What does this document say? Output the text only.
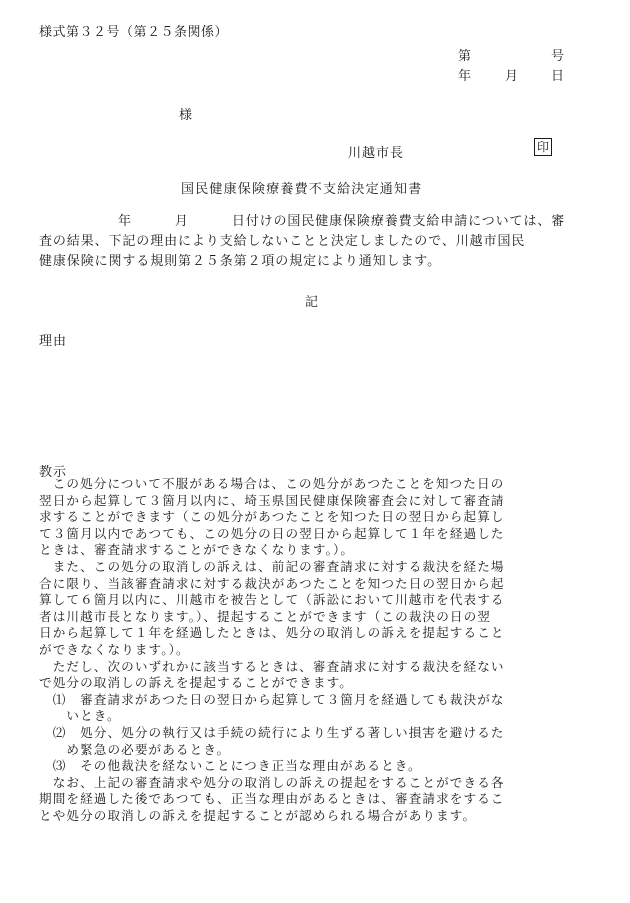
様式第３２号（第２５条関係）
第	号
年	月	日
様
川越市長	印
国民健康保険療養費不支給決定通知書
年	月	日付けの国民健康保険療養費支給申請については、審
査の結果、下記の理由により支給しないことと決定しましたので、川越市国民
健康保険に関する規則第２５条第２項の規定により通知します。
記
理由
教示
　この処分について不服がある場合は、この処分があつたことを知つた日の
翌日から起算して３箇月以内に、埼玉県国民健康保険審査会に対して審査請
求することができます（この処分があつたことを知つた日の翌日から起算し
て３箇月以内であつても、この処分の日の翌日から起算して１年を経過した
ときは、審査請求することができなくなります。）。
　また、この処分の取消しの訴えは、前記の審査請求に対する裁決を経た場
合に限り、当該審査請求に対する裁決があつたことを知つた日の翌日から起
算して６箇月以内に、川越市を被告として（訴訟において川越市を代表する
者は川越市長となります。）、提起することができます（この裁決の日の翌
日から起算して１年を経過したときは、処分の取消しの訴えを提起すること
ができなくなります。）。
　ただし、次のいずれかに該当するときは、審査請求に対する裁決を経ない
で処分の取消しの訴えを提起することができます。
　⑴　審査請求があつた日の翌日から起算して３箇月を経過しても裁決がな
　　いとき。
　⑵　処分、処分の執行又は手続の続行により生ずる著しい損害を避けるた
　　め緊急の必要があるとき。
　⑶　その他裁決を経ないことにつき正当な理由があるとき。
　なお、上記の審査請求や処分の取消しの訴えの提起をすることができる各
期間を経過した後であつても、正当な理由があるときは、審査請求をするこ
とや処分の取消しの訴えを提起することが認められる場合があります。
